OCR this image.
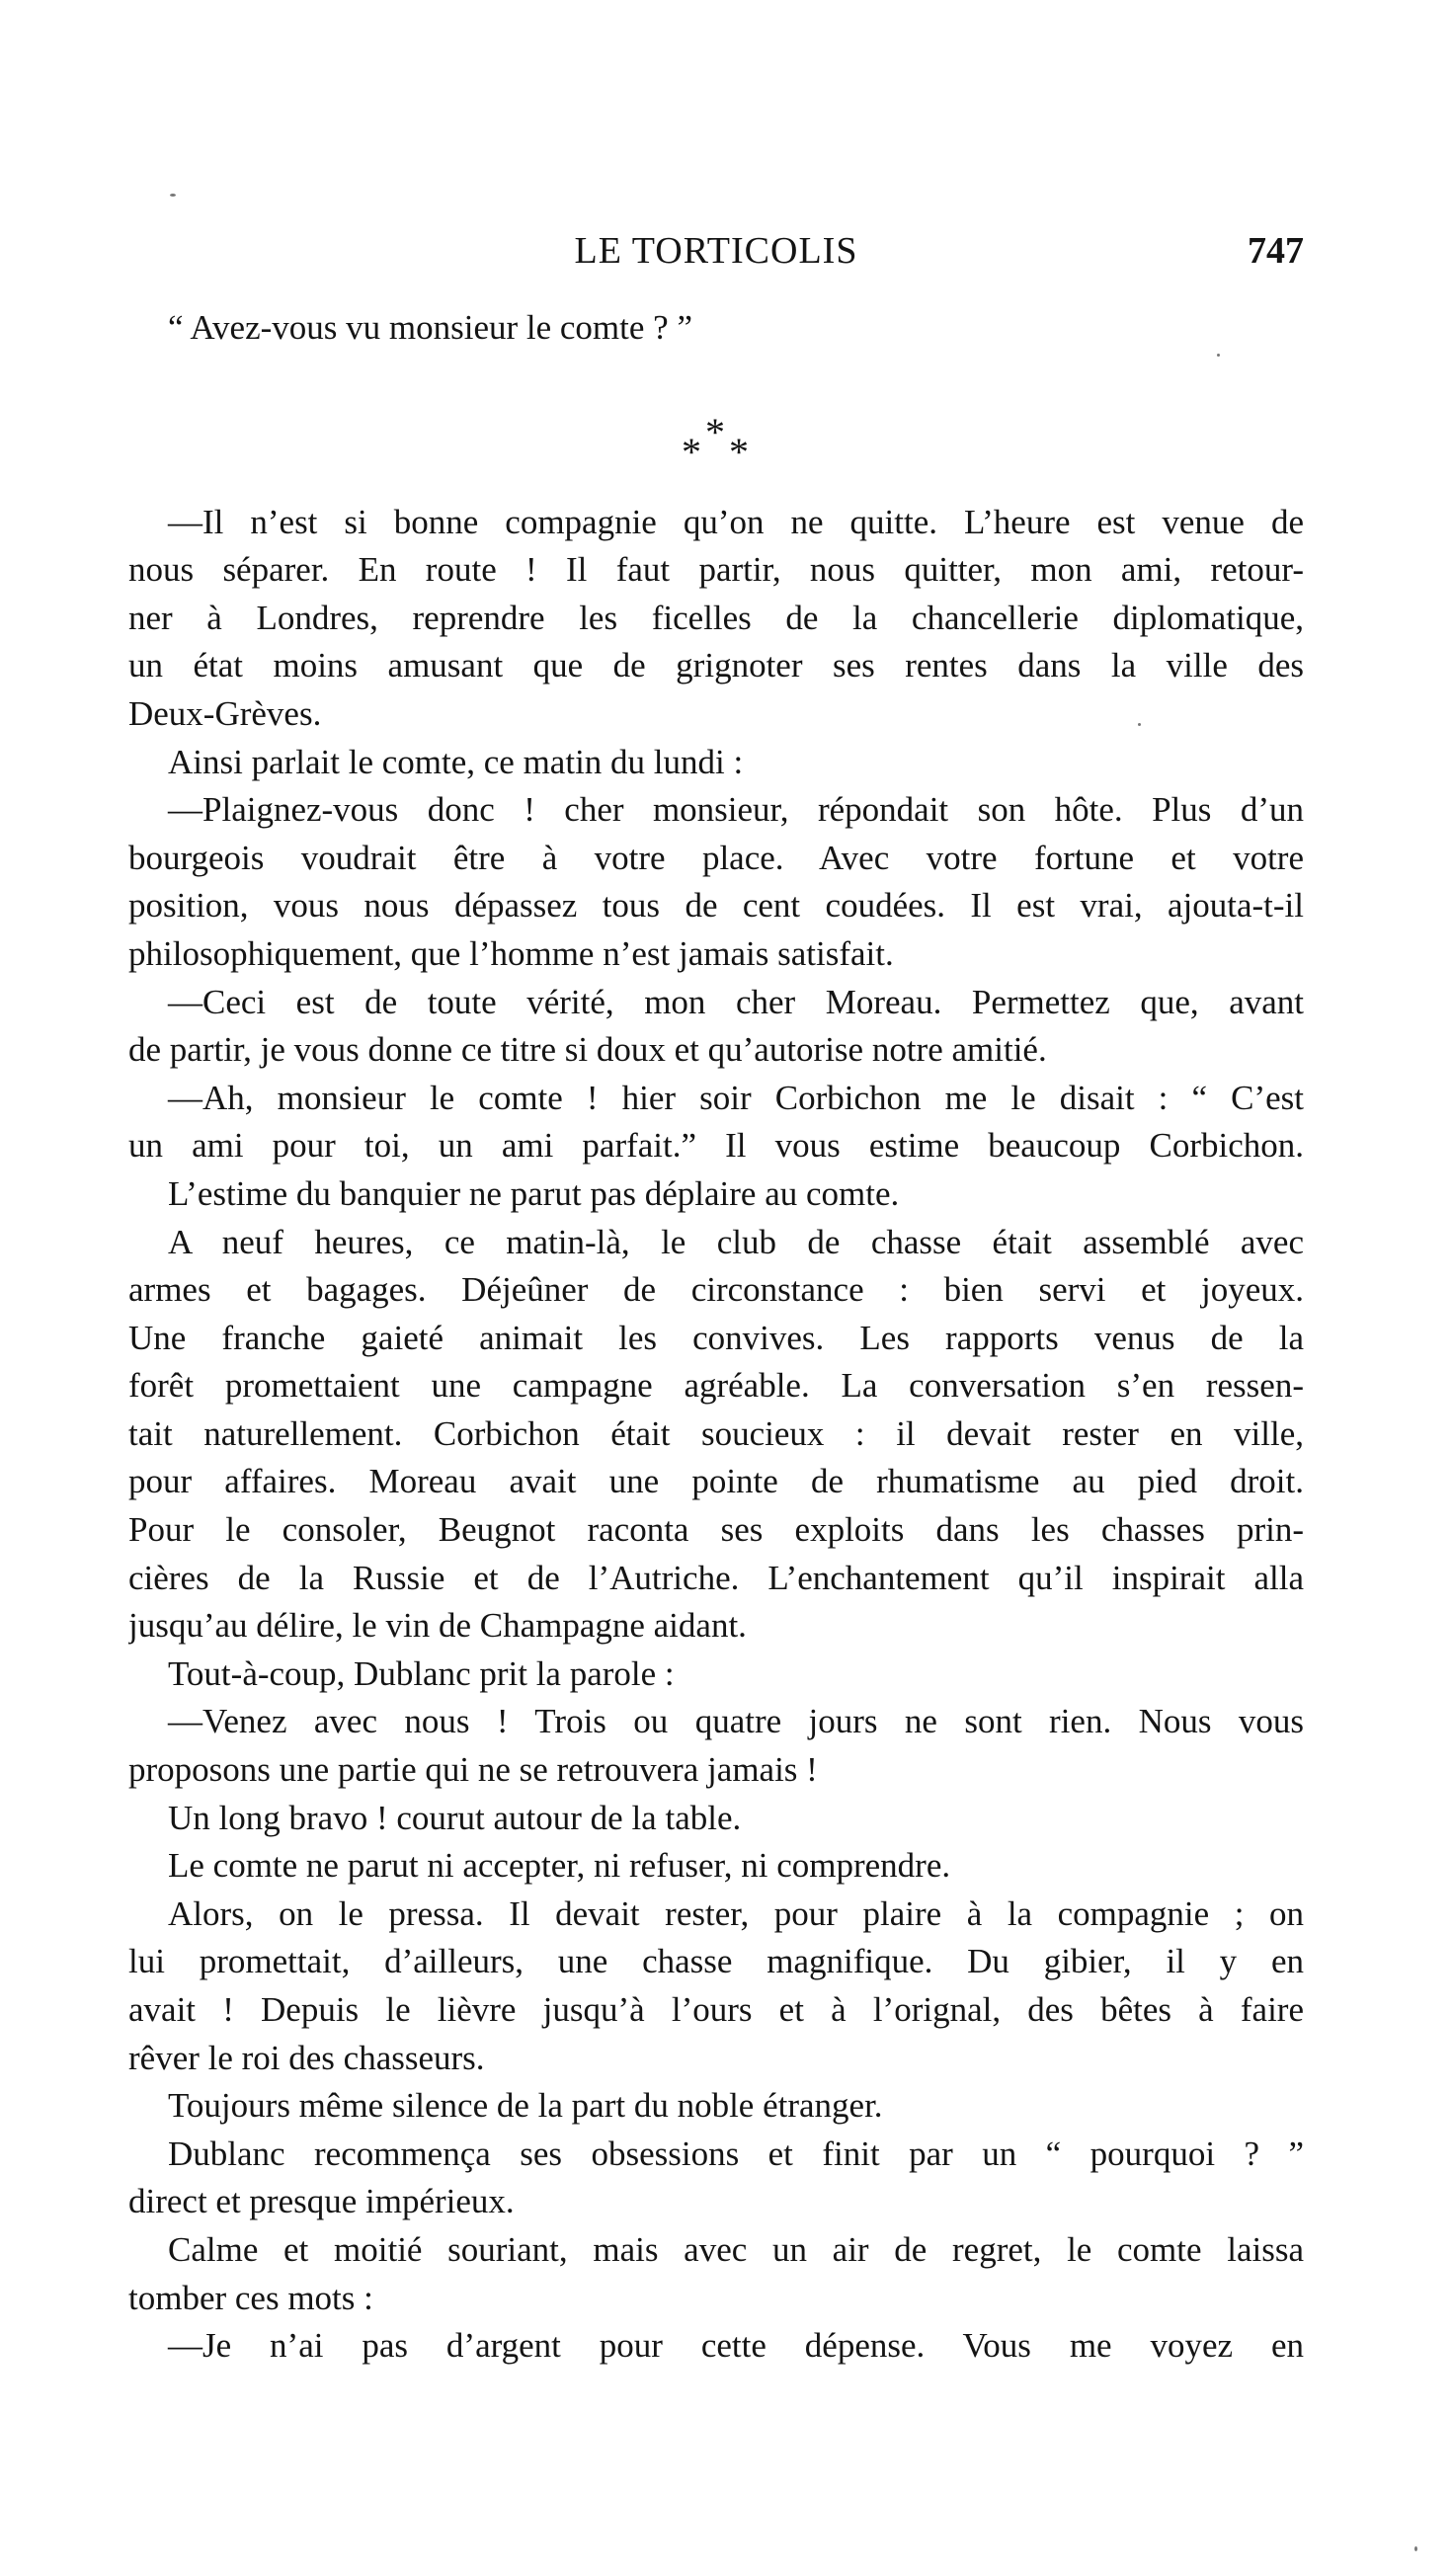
LE TORTICOLIS	747
* * *
“ Avez-vous vu monsieur le comte ? ”
—Il n’est si bonne compagnie qu’on ne quitte. L’heure est venue de
nous séparer. En route ! Il faut partir, nous quitter, mon ami, retour-
ner à Londres, reprendre les ficelles de la chancellerie diplomatique,
un état moins amusant que de grignoter ses rentes dans la ville des
Deux-Grèves.
Ainsi parlait le comte, ce matin du lundi :
—Plaignez-vous donc ! cher monsieur, répondait son hôte. Plus d’un
bourgeois voudrait être à votre place. Avec votre fortune et votre
position, vous nous dépassez tous de cent coudées. Il est vrai, ajouta-t-il
philosophiquement, que l’homme n’est jamais satisfait.
—Ceci est de toute vérité, mon cher Moreau. Permettez que, avant
de partir, je vous donne ce titre si doux et qu’autorise notre amitié.
—Ah, monsieur le comte ! hier soir Corbichon me le disait : “ C’est
un ami pour toi, un ami parfait.” Il vous estime beaucoup Corbichon.
L’estime du banquier ne parut pas déplaire au comte.
A neuf heures, ce matin-là, le club de chasse était assemblé avec
armes et bagages. Déjeûner de circonstance : bien servi et joyeux.
Une franche gaieté animait les convives. Les rapports venus de la
forêt promettaient une campagne agréable. La conversation s’en ressen-
tait naturellement. Corbichon était soucieux : il devait rester en ville,
pour affaires. Moreau avait une pointe de rhumatisme au pied droit.
Pour le consoler, Beugnot raconta ses exploits dans les chasses prin-
cières de la Russie et de l’Autriche. L’enchantement qu’il inspirait alla
jusqu’au délire, le vin de Champagne aidant.
Tout-à-coup, Dublanc prit la parole :
—Venez avec nous ! Trois ou quatre jours ne sont rien. Nous vous
proposons une partie qui ne se retrouvera jamais !
Un long bravo ! courut autour de la table.
Le comte ne parut ni accepter, ni refuser, ni comprendre.
Alors, on le pressa. Il devait rester, pour plaire à la compagnie ; on
lui promettait, d’ailleurs, une chasse magnifique. Du gibier, il y en
avait ! Depuis le lièvre jusqu’à l’ours et à l’orignal, des bêtes à faire
rêver le roi des chasseurs.
Toujours même silence de la part du noble étranger.
Dublanc recommença ses obsessions et finit par un “ pourquoi ? ”
direct et presque impérieux.
Calme et moitié souriant, mais avec un air de regret, le comte laissa
tomber ces mots :
—Je n’ai pas d’argent pour cette dépense. Vous me voyez en
